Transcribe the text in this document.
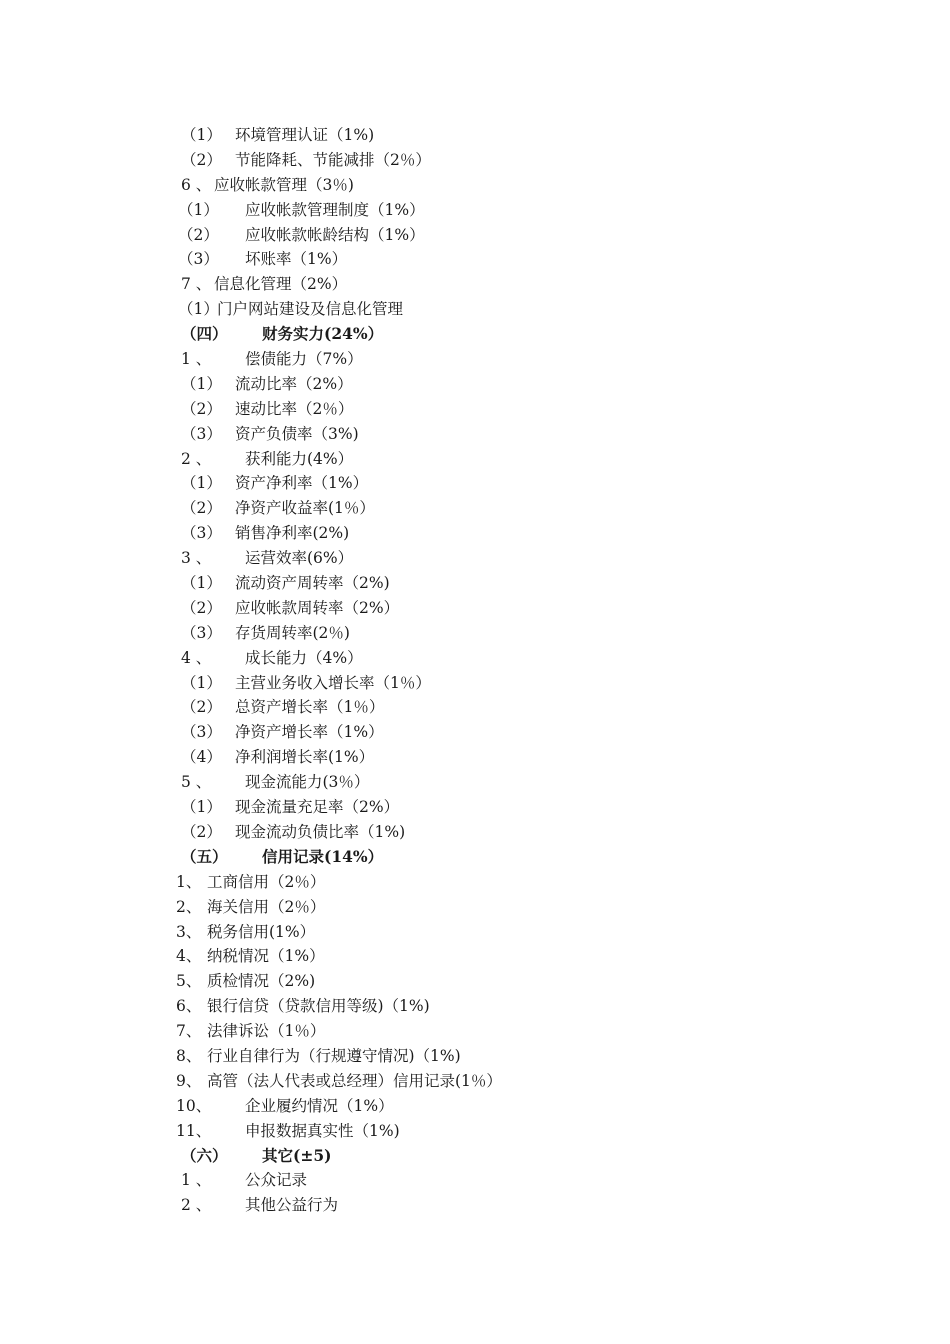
（1） 环境管理认证（1%)
（2） 节能降耗、节能减排（2％）
6 、 应收帐款管理（3％)
（1） 应收帐款管理制度（1%）
（2） 应收帐款帐龄结构（1%）
（3） 坏账率（1%）
7 、 信息化管理（2%）
（1）
门户网站建设及信息化管理
（四） 财务实力(24%）
1 、 偿债能力（7%）
（1） 流动比率（2%）
（2） 速动比率（2％）
（3） 资产负债率（3%)
2 、 获利能力(4%）
（1） 资产净利率（1%）
（2） 净资产收益率(1％）
（3） 销售净利率(2%)
3 、 运营效率(6%）
（1） 流动资产周转率（2%)
（2） 应收帐款周转率（2%）
（3） 存货周转率(2％)
4 、 成长能力（4%）
（1） 主营业务收入增长率（1％）
（2） 总资产增长率（1％）
（3） 净资产增长率（1%）
（4） 净利润增长率(1%）
5 、 现金流能力(3％）
（1） 现金流量充足率（2%）
（2） 现金流动负债比率（1%)
（五） 信用记录(14%）
1、 工商信用（2％）
2、 海关信用（2％）
3、 税务信用(1%）
4、 纳税情况（1%）
5、 质检情况（2%)
6、 银行信贷（贷款信用等级)（1%)
7、 法律诉讼（1％）
8、 行业自律行为（行规遵守情况)（1%)
9、 高管（法人代表或总经理）信用记录(1％）
10、 企业履约情况（1%）
11、 申报数据真实性（1%)
（六） 其它(±5)
1 、 公众记录
2 、 其他公益行为
